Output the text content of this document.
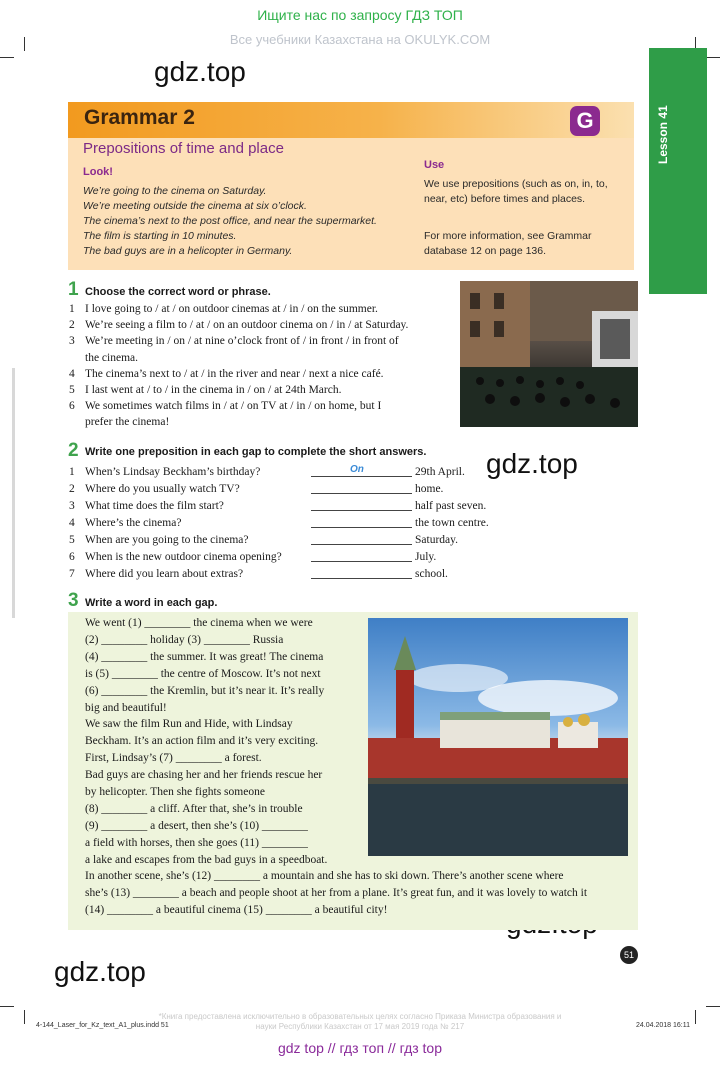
Ищите нас по запросу ГДЗ ТОП
Все учебники Казахстана на OKULYK.COM
Lesson 41
gdz.top
gdz.top
gdz.top
Grammar 2	G
Prepositions of time and place
Look!
We’re going to the cinema on Saturday.
We’re meeting outside the cinema at six o’clock.
The cinema’s next to the post office, and near the supermarket.
The film is starting in 10 minutes.
The bad guys are in a helicopter in Germany.
Use
We use prepositions (such as on, in, to, near, etc) before times and places.
For more information, see Grammar database 12 on page 136.
1 Choose the correct word or phrase.
1 I love going to / at / on outdoor cinemas at / in / on the summer.
2 We’re seeing a film to / at / on an outdoor cinema on / in / at Saturday.
3 We’re meeting in / on / at nine o’clock front of / in front / in front of
the cinema.
4 The cinema’s next to / at / in the river and near / next a nice café.
5 I last went at / to / in the cinema in / on / at 24th March.
6 We sometimes watch films in / at / on TV at / in / on home, but I
prefer the cinema!
2 Write one preposition in each gap to complete the short answers.
On
1 When’s Lindsay Beckham’s birthday?	29th April.
2 Where do you usually watch TV?	home.
3 What time does the film start?	half past seven.
4 Where’s the cinema?	the town centre.
5 When are you going to the cinema?	Saturday.
6 When is the new outdoor cinema opening?	July.
7 Where did you learn about extras?	school.
3 Write a word in each gap.
We went (1) ________ the cinema when we were
(2) ________ holiday (3) ________ Russia
(4) ________ the summer. It was great! The cinema
is (5) ________ the centre of Moscow. It’s not next
(6) ________ the Kremlin, but it’s near it. It’s really
big and beautiful!
We saw the film Run and Hide, with Lindsay
Beckham. It’s an action film and it’s very exciting.
First, Lindsay’s (7) ________ a forest.
Bad guys are chasing her and her friends rescue her
by helicopter. Then she fights someone
(8) ________ a cliff. After that, she’s in trouble
(9) ________ a desert, then she’s (10) ________
a field with horses, then she goes (11) ________
a lake and escapes from the bad guys in a speedboat.
In another scene, she’s (12) ________ a mountain and she has to ski down. There’s another scene where
she’s (13) ________ a beach and people shoot at her from a plane. It’s great fun, and it was lovely to watch it
(14) ________ a beautiful cinema (15) ________ a beautiful city!
51
4-144_Laser_for_Kz_text_A1_plus.indd 51	24.04.2018 16:11
*Книга предоставлена исключительно в образовательных целях согласно Приказа Министра образования и науки Республики Казахстан от 17 мая 2019 года № 217
gdz top // гдз топ // гдз top
